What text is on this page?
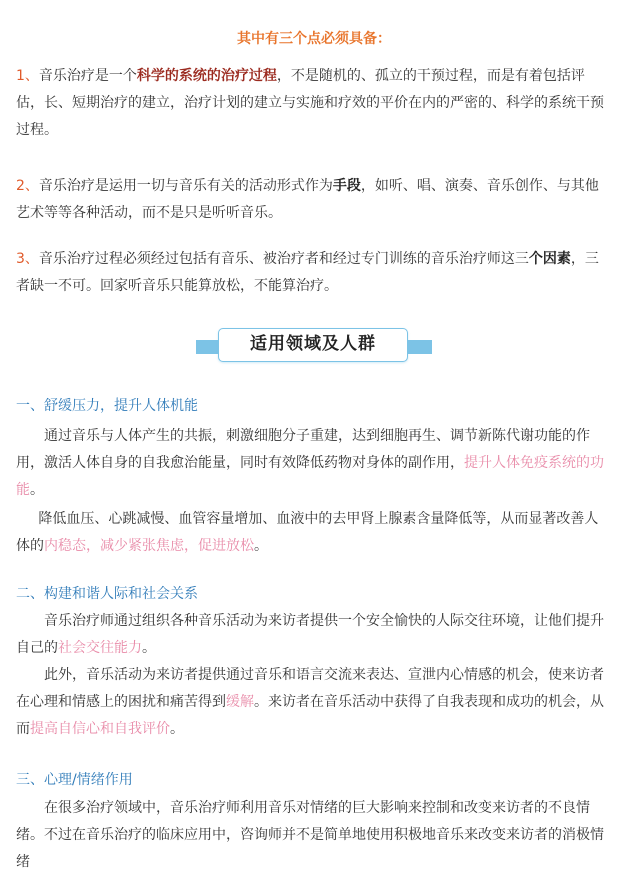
其中有三个点必须具备：
1、音乐治疗是一个科学的系统的治疗过程，不是随机的、孤立的干预过程，而是有着包括评估，长、短期治疗的建立，治疗计划的建立与实施和疗效的平价在内的严密的、科学的系统干预过程。
2、音乐治疗是运用一切与音乐有关的活动形式作为手段，如听、唱、演奏、音乐创作、与其他艺术等等各种活动，而不是只是听听音乐。
3、音乐治疗过程必须经过包括有音乐、被治疗者和经过专门训练的音乐治疗师这三个因素，三者缺一不可。回家听音乐只能算放松，不能算治疗。
适用领域及人群
一、舒缓压力，提升人体机能
通过音乐与人体产生的共振，刺激细胞分子重建，达到细胞再生、调节新陈代谢功能的作用，激活人体自身的自我愈治能量，同时有效降低药物对身体的副作用，提升人体免疫系统的功能。
降低血压、心跳减慢、血管容量增加、血液中的去甲肾上腺素含量降低等，从而显著改善人体的内稳态，减少紧张焦虑，促进放松。
二、构建和谐人际和社会关系
音乐治疗师通过组织各种音乐活动为来访者提供一个安全愉快的人际交往环境，让他们提升自己的社会交往能力。
此外，音乐活动为来访者提供通过音乐和语言交流来表达、宣泄内心情感的机会，使来访者在心理和情感上的困扰和痛苦得到缓解。来访者在音乐活动中获得了自我表现和成功的机会，从而提高自信心和自我评价。
三、心理/情绪作用
在很多治疗领域中，音乐治疗师利用音乐对情绪的巨大影响来控制和改变来访者的不良情绪。不过在音乐治疗的临床应用中，咨询师并不是简单地使用积极地音乐来改变来访者的消极情绪
